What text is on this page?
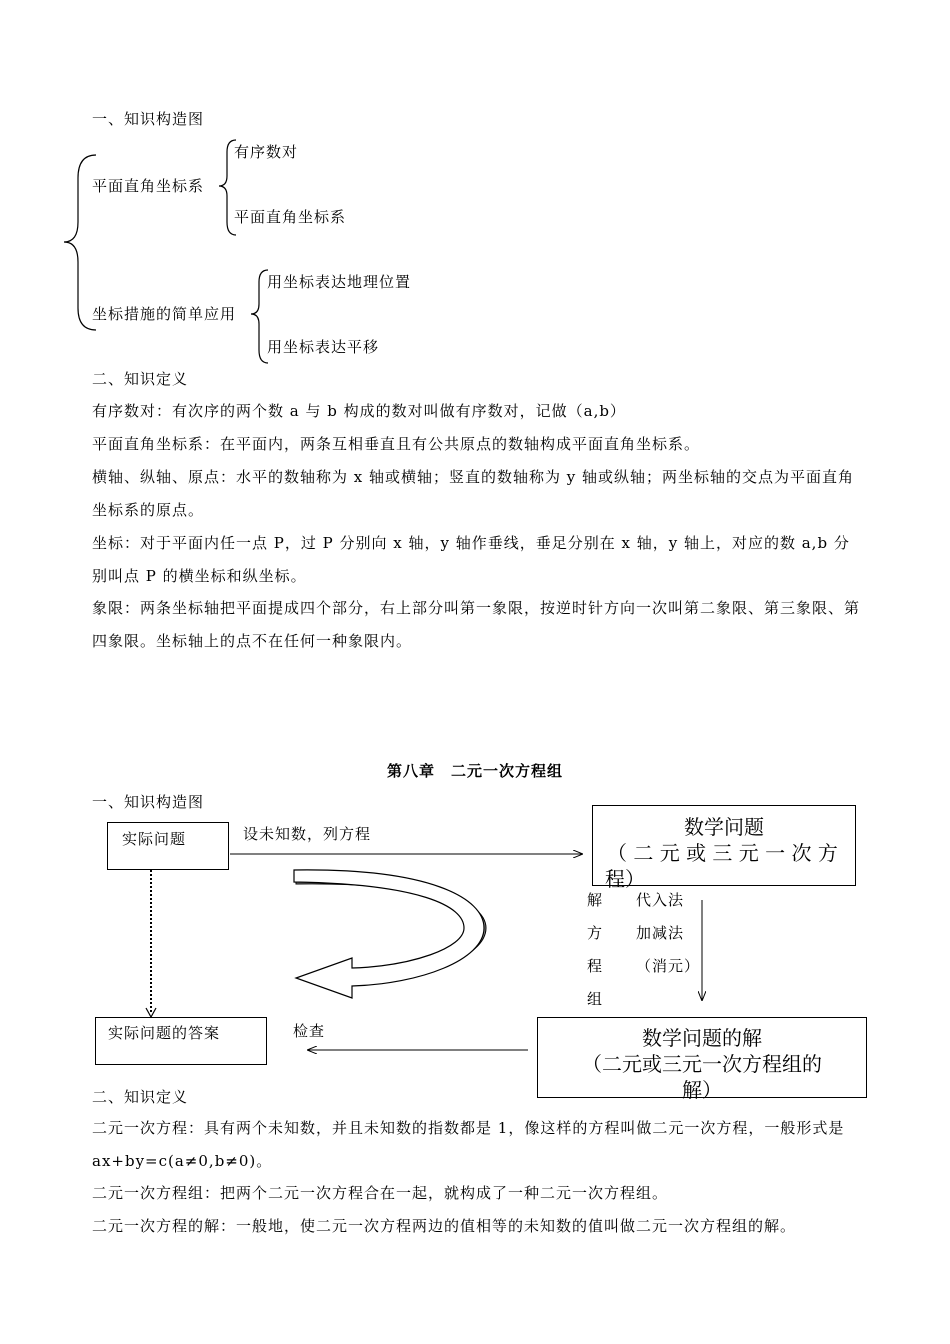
一、知识构造图
平面直角坐标系
有序数对
平面直角坐标系
坐标措施的简单应用
用坐标表达地理位置
用坐标表达平移
二、知识定义
有序数对：有次序的两个数 a 与 b 构成的数对叫做有序数对，记做（a,b）
平面直角坐标系：在平面内，两条互相垂直且有公共原点的数轴构成平面直角坐标系。
横轴、纵轴、原点：水平的数轴称为 x 轴或横轴；竖直的数轴称为 y 轴或纵轴；两坐标轴的交点为平面直角坐标系的原点。
坐标：对于平面内任一点 P，过 P 分别向 x 轴，y 轴作垂线，垂足分别在 x 轴，y 轴上，对应的数 a,b 分别叫点 P 的横坐标和纵坐标。
象限：两条坐标轴把平面提成四个部分，右上部分叫第一象限，按逆时针方向一次叫第二象限、第三象限、第四象限。坐标轴上的点不在任何一种象限内。
第八章　二元一次方程组
一、知识构造图
实际问题	设未知数，列方程	数学问题
（ 二 元 或 三 元 一 次 方
程）
解
方
程
组
代入法
加减法
（消元）
实际问题的答案	检查	数学问题的解
（二元或三元一次方程组的
解）
二、知识定义
二元一次方程：具有两个未知数，并且未知数的指数都是 1，像这样的方程叫做二元一次方程，一般形式是 ax+by=c(a≠0,b≠0)。
二元一次方程组：把两个二元一次方程合在一起，就构成了一种二元一次方程组。
二元一次方程的解：一般地，使二元一次方程两边的值相等的未知数的值叫做二元一次方程组的解。
